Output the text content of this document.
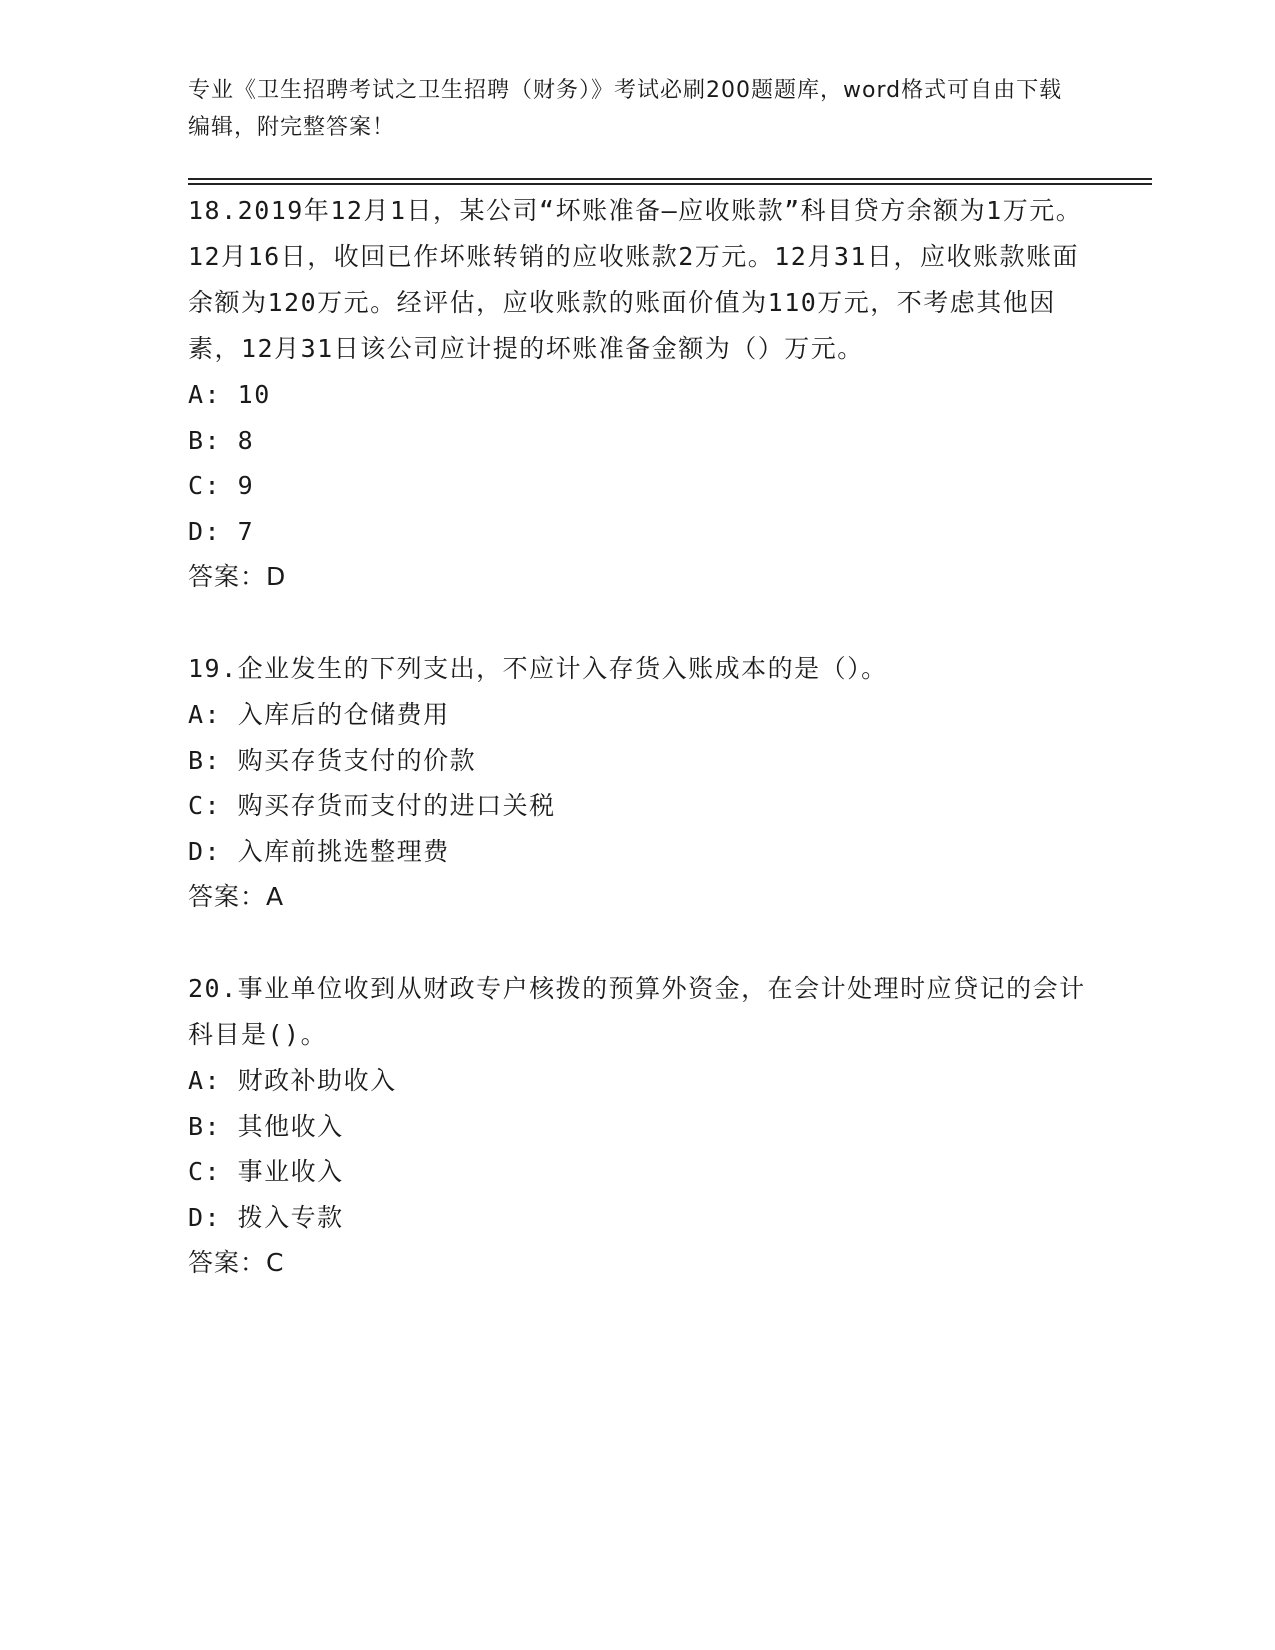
专业《卫生招聘考试之卫生招聘（财务）》考试必刷200题题库，word格式可自由下载编辑，附完整答案！

18.2019年12月1日，某公司“坏账准备—应收账款”科目贷方余额为1万元。12月16日，收回已作坏账转销的应收账款2万元。12月31日，应收账款账面余额为120万元。经评估，应收账款的账面价值为110万元，不考虑其他因素，12月31日该公司应计提的坏账准备金额为（）万元。

A: 10

B: 8

C: 9

D: 7

答案：D

19.企业发生的下列支出，不应计入存货入账成本的是（）。

A: 入库后的仓储费用

B: 购买存货支付的价款

C: 购买存货而支付的进口关税

D: 入库前挑选整理费

答案：A

20.事业单位收到从财政专户核拨的预算外资金，在会计处理时应贷记的会计科目是()。

A: 财政补助收入

B: 其他收入

C: 事业收入

D: 拨入专款

答案：C
